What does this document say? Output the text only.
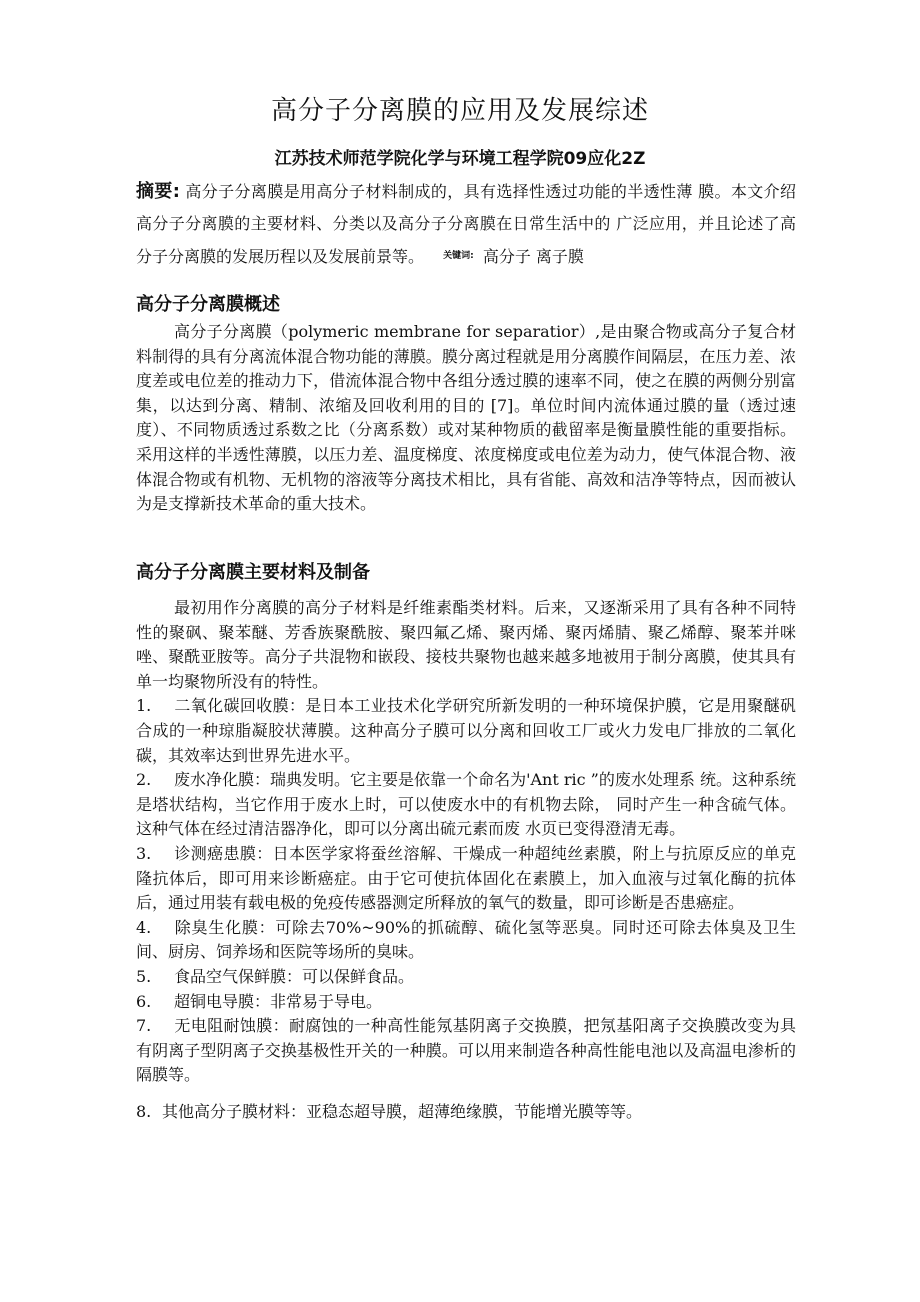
高分子分离膜的应用及发展综述
江苏技术师范学院化学与环境工程学院09应化2Z
摘要: 高分子分离膜是用高分子材料制成的，具有选择性透过功能的半透性薄 膜。本文介绍高分子分离膜的主要材料、分类以及高分子分离膜在日常生活中的 广泛应用，并且论述了高分子分离膜的发展历程以及发展前景等。 $^{关键词:}$ 高分子 离子膜
高分子分离膜概述

高分子分离膜（polymeric membrane for separatior）,是由聚合物或高分子复合材料制得的具有分离流体混合物功能的薄膜。膜分离过程就是用分离膜作间隔层，在压力差、浓度差或电位差的推动力下，借流体混合物中各组分透过膜的速率不同，使之在膜的两侧分别富集，以达到分离、精制、浓缩及回收利用的目的 [7]。单位时间内流体通过膜的量（透过速度）、不同物质透过系数之比（分离系数）或对某种物质的截留率是衡量膜性能的重要指标。采用这样的半透性薄膜，以压力差、温度梯度、浓度梯度或电位差为动力，使气体混合物、液体混合物或有机物、无机物的溶液等分离技术相比，具有省能、高效和洁净等特点，因而被认为是支撑新技术革命的重大技术。

高分子分离膜主要材料及制备

最初用作分离膜的高分子材料是纤维素酯类材料。后来，又逐渐采用了具有各种不同特性的聚砜、聚苯醚、芳香族聚酰胺、聚四氟乙烯、聚丙烯、聚丙烯腈、聚乙烯醇、聚苯并咪唑、聚酰亚胺等。高分子共混物和嵌段、接枝共聚物也越来越多地被用于制分离膜，使其具有单一均聚物所没有的特性。

1. 二氧化碳回收膜：是日本工业技术化学研究所新发明的一种环境保护膜，它是用聚醚矾合成的一种琼脂凝胶状薄膜。这种高分子膜可以分离和回收工厂或火力发电厂排放的二氧化碳，其效率达到世界先进水平。

2. 废水净化膜：瑞典发明。它主要是依靠一个命名为'Ant ric ”的废水处理系 统。这种系统是塔状结构，当它作用于废水上时，可以使废水中的有机物去除， 同时产生一种含硫气体。这种气体在经过清洁器净化，即可以分离出硫元素而废 水页已变得澄清无毒。

3. 诊测癌患膜：日本医学家将蚕丝溶解、干燥成一种超纯丝素膜，附上与抗原反应的单克隆抗体后，即可用来诊断癌症。由于它可使抗体固化在素膜上，加入血液与过氧化酶的抗体后，通过用装有载电极的免疫传感器测定所释放的氧气的数量，即可诊断是否患癌症。

4. 除臭生化膜：可除去70%~90%的抓硫醇、硫化氢等恶臭。同时还可除去体臭及卫生间、厨房、饲养场和医院等场所的臭味。

5. 食品空气保鲜膜：可以保鲜食品。

6. 超铜电导膜：非常易于导电。

7. 无电阻耐蚀膜：耐腐蚀的一种高性能氖基阴离子交换膜，把氖基阳离子交换膜改变为具有阴离子型阴离子交换基极性开关的一种膜。可以用来制造各种高性能电池以及高温电渗析的隔膜等。

8. 其他高分子膜材料：亚稳态超导膜，超薄绝缘膜，节能增光膜等等。
